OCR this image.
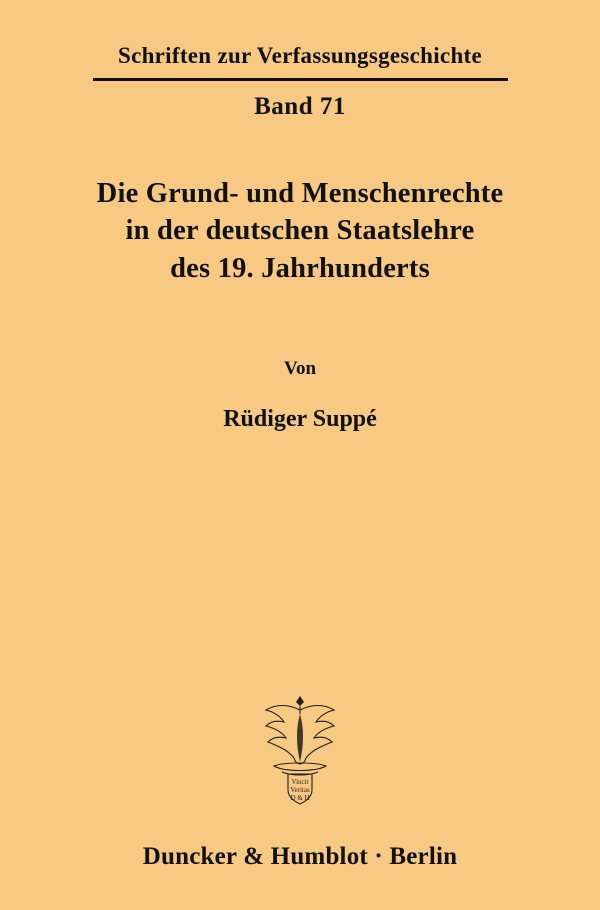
Schriften zur Verfassungsgeschichte
Band 71
Die Grund- und Menschenrechte
in der deutschen Staatslehre
des 19. Jahrhunderts
Von
Rüdiger Suppé
Vincit
Veritas
D & H
Duncker & Humblot · Berlin
